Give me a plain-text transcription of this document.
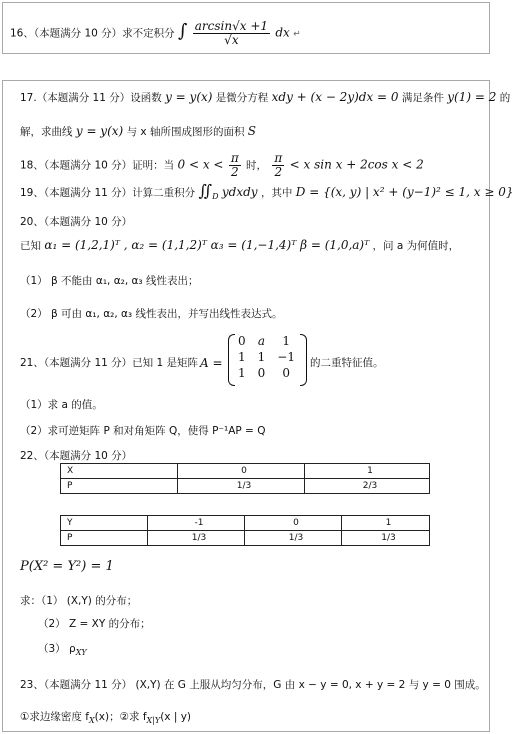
16、（本题满分 10 分）求不定积分 ∫ $\frac{\arcsin√x +1}{√x}$ dx ↵
17.（本题满分 11 分）设函数 y = y(x) 是微分方程 xdy + (x − 2y)dx = 0 满足条件 y(1) = 2 的
解，求曲线 y = y(x) 与 x 轴所围成图形的面积 S
18、（本题满分 10 分）证明：当 $0 < x < \frac{\pi}{2}$ 时， $\frac{\pi}{2} < x$ sin x + 2cos x < 2
19、（本题满分 11 分）计算二重积分 $∬_D$ ydxdy ，其中 D = {(x, y) | x² + (y−1)² ≤ 1, x ≥ 0}
20、（本题满分 10 分）
已知 α₁ = (1,2,1)ᵀ , α₂ = (1,1,2)ᵀ α₃ = (1,−1,4)ᵀ β = (1,0,a)ᵀ ，问 a 为何值时，
（1） β 不能由 α₁, α₂, α₃ 线性表出；
（2） β 可由 α₁, α₂, α₃ 线性表出，并写出线性表达式。
21、（本题满分 11 分）已知 1 是矩阵 A =
0	a	1
1	1	−1
1	0	0
的二重特征值。
（1）求 a 的值。
（2）求可逆矩阵 P 和对角矩阵 Q，使得 P⁻¹AP = Q
22、（本题满分 10 分）
X	0	1
P	1/3	2/3
Y	-1	0	1
P	1/3	1/3	1/3
P(X² = Y²) = 1
求：（1） (X,Y) 的分布；
（2） Z = XY 的分布；
（3） $\rho_{XY}$
23、（本题满分 11 分） (X,Y) 在 G 上服从均匀分布，G 由 x − y = 0, x + y = 2 与 y = 0 围成。
①求边缘密度 $f_X(x)$；②求 $f_{X|Y}(x$ | y)
